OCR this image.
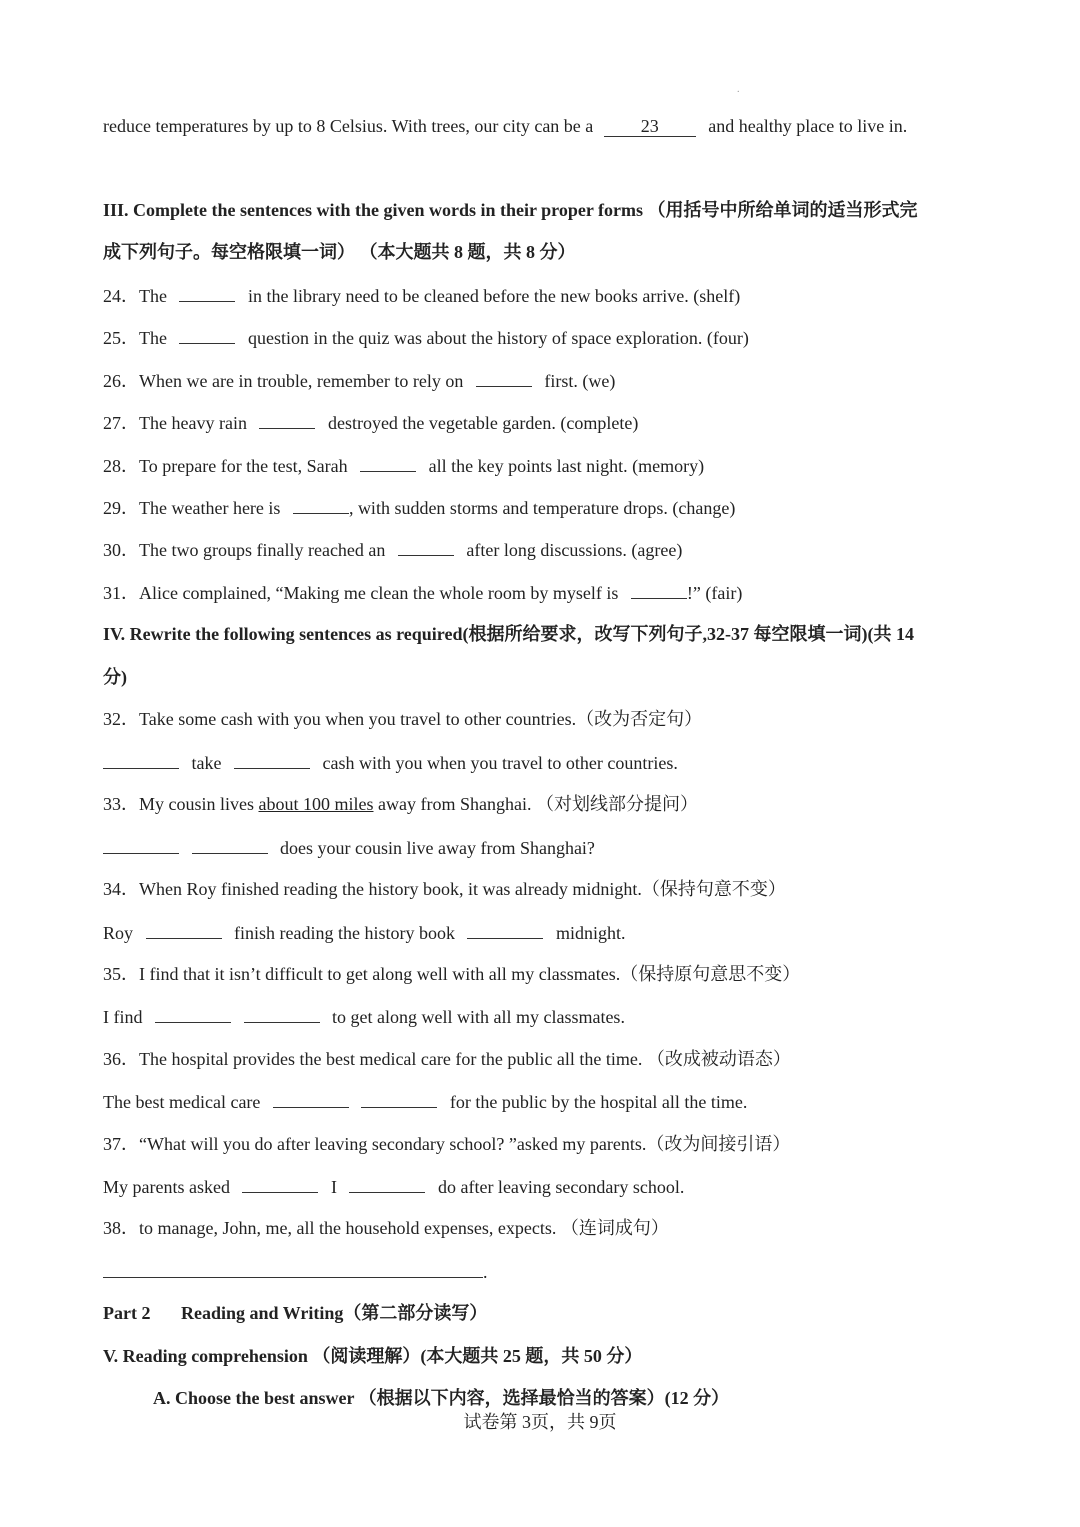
.
reduce temperatures by up to 8 Celsius. With trees, our city can be a	23	and healthy place to live in.
III. Complete the sentences with the given words in their proper forms （用括号中所给单词的适当形式完
成下列句子。每空格限填一词） （本大题共 8 题，共 8 分）
24．The	in the library need to be cleaned before the new books arrive. (shelf)
25．The	question in the quiz was about the history of space exploration. (four)
26．When we are in trouble, remember to rely on	first. (we)
27．The heavy rain	destroyed the vegetable garden. (complete)
28．To prepare for the test, Sarah	all the key points last night. (memory)
29．The weather here is	, with sudden storms and temperature drops. (change)
30．The two groups finally reached an	after long discussions. (agree)
31．Alice complained, “Making me clean the whole room by myself is	!” (fair)
IV. Rewrite the following sentences as required(根据所给要求，改写下列句子,32-37 每空限填一词)(共 14
分)
32．Take some cash with you when you travel to other countries.（改为否定句）
take	cash with you when you travel to other countries.
33．My cousin lives about 100 miles away from Shanghai. （对划线部分提问）
does your cousin live away from Shanghai?
34．When Roy finished reading the history book, it was already midnight.（保持句意不变）
Roy	finish reading the history book	midnight.
35．I find that it isn’t difficult to get along well with all my classmates.（保持原句意思不变）
I find	to get along well with all my classmates.
36．The hospital provides the best medical care for the public all the time. （改成被动语态）
The best medical care	for the public by the hospital all the time.
37．“What will you do after leaving secondary school? ”asked my parents.（改为间接引语）
My parents asked	I	do after leaving secondary school.
38．to manage, John, me, all the household expenses, expects. （连词成句）
.
Part 2 Reading and Writing（第二部分读写）
V. Reading comprehension （阅读理解）(本大题共 25 题，共 50 分）
A. Choose the best answer （根据以下内容，选择最恰当的答案）(12 分）
试卷第 3页，共 9页
